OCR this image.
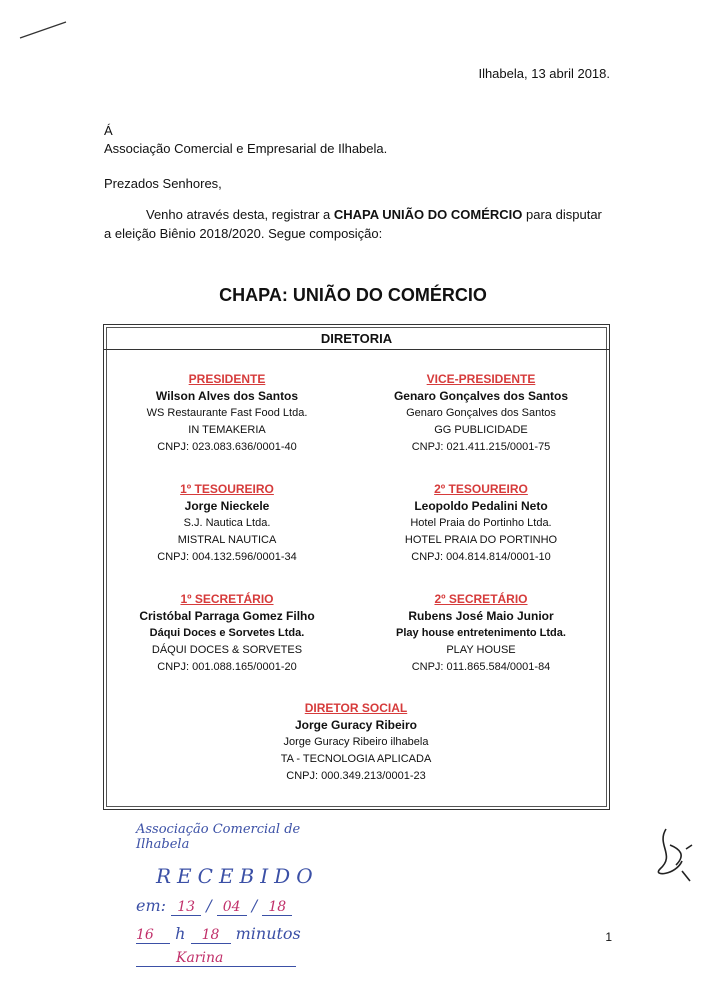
Ilhabela, 13 abril 2018.
Á
Associação Comercial e Empresarial de Ilhabela.
Prezados Senhores,
Venho através desta, registrar a CHAPA UNIÃO DO COMÉRCIO para disputar a eleição Biênio 2018/2020. Segue composição:
CHAPA: UNIÃO DO COMÉRCIO
DIRETORIA
PRESIDENTE
Wilson Alves dos Santos
WS Restaurante Fast Food Ltda.
IN TEMAKERIA
CNPJ: 023.083.636/0001-40
VICE-PRESIDENTE
Genaro Gonçalves dos Santos
Genaro Gonçalves dos Santos
GG PUBLICIDADE
CNPJ: 021.411.215/0001-75
1º TESOUREIRO
Jorge Nieckele
S.J. Nautica Ltda.
MISTRAL NAUTICA
CNPJ: 004.132.596/0001-34
2º TESOUREIRO
Leopoldo Pedalini Neto
Hotel Praia do Portinho Ltda.
HOTEL PRAIA DO PORTINHO
CNPJ: 004.814.814/0001-10
1º SECRETÁRIO
Cristóbal Parraga Gomez Filho
Dáqui Doces e Sorvetes Ltda.
DÁQUI DOCES & SORVETES
CNPJ: 001.088.165/0001-20
2º SECRETÁRIO
Rubens José Maio Junior
Play house entretenimento Ltda.
PLAY HOUSE
CNPJ: 011.865.584/0001-84
DIRETOR SOCIAL
Jorge Guracy Ribeiro
Jorge Guracy Ribeiro ilhabela
TA - TECNOLOGIA APLICADA
CNPJ: 000.349.213/0001-23
Associação Comercial de Ilhabela
RECEBIDO
em: 13 / 04 / 18
16 h 18 minutos
Karina
1
